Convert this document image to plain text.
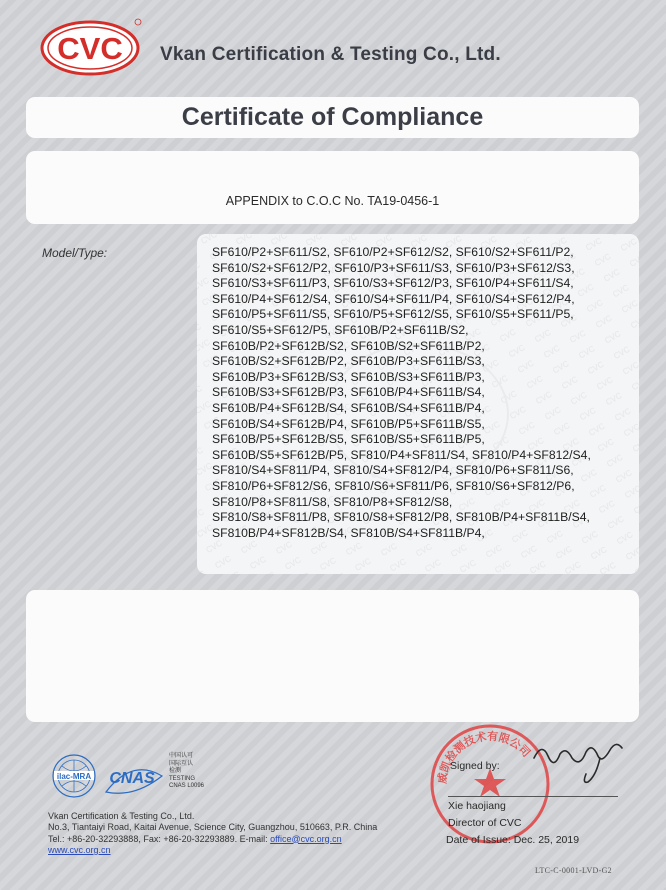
CVC Vkan Certification & Testing Co., Ltd.
Certificate of Compliance
APPENDIX to C.O.C No. TA19-0456-1
Model/Type:	SF610/P2+SF611/S2, SF610/P2+SF612/S2, SF610/S2+SF611/P2,
SF610/S2+SF612/P2, SF610/P3+SF611/S3, SF610/P3+SF612/S3,
SF610/S3+SF611/P3, SF610/S3+SF612/P3, SF610/P4+SF611/S4,
SF610/P4+SF612/S4, SF610/S4+SF611/P4, SF610/S4+SF612/P4,
SF610/P5+SF611/S5, SF610/P5+SF612/S5, SF610/S5+SF611/P5,
SF610/S5+SF612/P5, SF610B/P2+SF611B/S2,
SF610B/P2+SF612B/S2, SF610B/S2+SF611B/P2,
SF610B/S2+SF612B/P2, SF610B/P3+SF611B/S3,
SF610B/P3+SF612B/S3, SF610B/S3+SF611B/P3,
SF610B/S3+SF612B/P3, SF610B/P4+SF611B/S4,
SF610B/P4+SF612B/S4, SF610B/S4+SF611B/P4,
SF610B/S4+SF612B/P4, SF610B/P5+SF611B/S5,
SF610B/P5+SF612B/S5, SF610B/S5+SF611B/P5,
SF610B/S5+SF612B/P5, SF810/P4+SF811/S4, SF810/P4+SF812/S4,
SF810/S4+SF811/P4, SF810/S4+SF812/P4, SF810/P6+SF811/S6,
SF810/P6+SF812/S6, SF810/S6+SF811/P6, SF810/S6+SF812/P6,
SF810/P8+SF811/S8, SF810/P8+SF812/S8,
SF810/S8+SF811/P8, SF810/S8+SF812/P8, SF810B/P4+SF811B/S4,
SF810B/P4+SF812B/S4, SF810B/S4+SF811B/P4,
ilac-MRA CNAS
中国认可
国际互认
检测
TESTING
CNAS L0096
Vkan Certification & Testing Co., Ltd.
No.3, Tiantaiyi Road, Kaitai Avenue, Science City, Guangzhou, 510663, P.R. China
Tel.: +86-20-32293888, Fax: +86-20-32293889. E-mail: office@cvc.org.cn
www.cvc.org.cn
威凯检测技术有限公司
Signed by:
Xie haojiang
Director of CVC
Date of Issue: Dec. 25, 2019
LTC-C-0001-LVD-G2
